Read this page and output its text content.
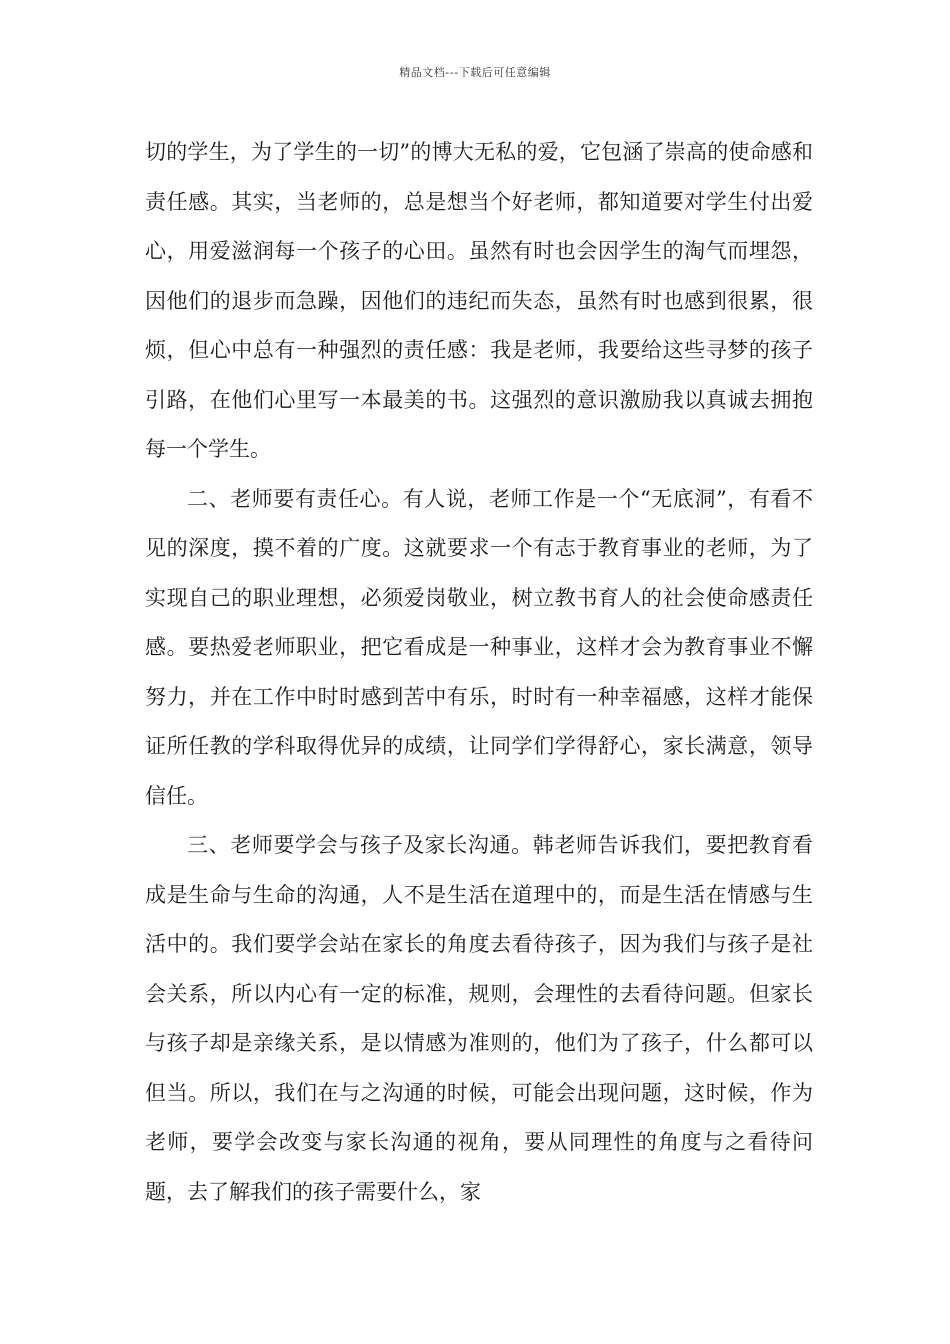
精品文档---下载后可任意编辑

切的学生，为了学生的一切”的博大无私的爱，它包涵了崇高的使命感和责任感。其实，当老师的，总是想当个好老师，都知道要对学生付出爱心，用爱滋润每一个孩子的心田。虽然有时也会因学生的淘气而埋怨，因他们的退步而急躁，因他们的违纪而失态，虽然有时也感到很累，很烦，但心中总有一种强烈的责任感：我是老师，我要给这些寻梦的孩子引路，在他们心里写一本最美的书。这强烈的意识激励我以真诚去拥抱每一个学生。

二、老师要有责任心。有人说，老师工作是一个“无底洞”，有看不见的深度，摸不着的广度。这就要求一个有志于教育事业的老师，为了实现自己的职业理想，必须爱岗敬业，树立教书育人的社会使命感责任感。要热爱老师职业，把它看成是一种事业，这样才会为教育事业不懈努力，并在工作中时时感到苦中有乐，时时有一种幸福感，这样才能保证所任教的学科取得优异的成绩，让同学们学得舒心，家长满意，领导信任。

三、老师要学会与孩子及家长沟通。韩老师告诉我们，要把教育看成是生命与生命的沟通，人不是生活在道理中的，而是生活在情感与生活中的。我们要学会站在家长的角度去看待孩子，因为我们与孩子是社会关系，所以内心有一定的标准，规则，会理性的去看待问题。但家长与孩子却是亲缘关系，是以情感为准则的，他们为了孩子，什么都可以但当。所以，我们在与之沟通的时候，可能会出现问题，这时候，作为老师，要学会改变与家长沟通的视角，要从同理性的角度与之看待问题，去了解我们的孩子需要什么，家
